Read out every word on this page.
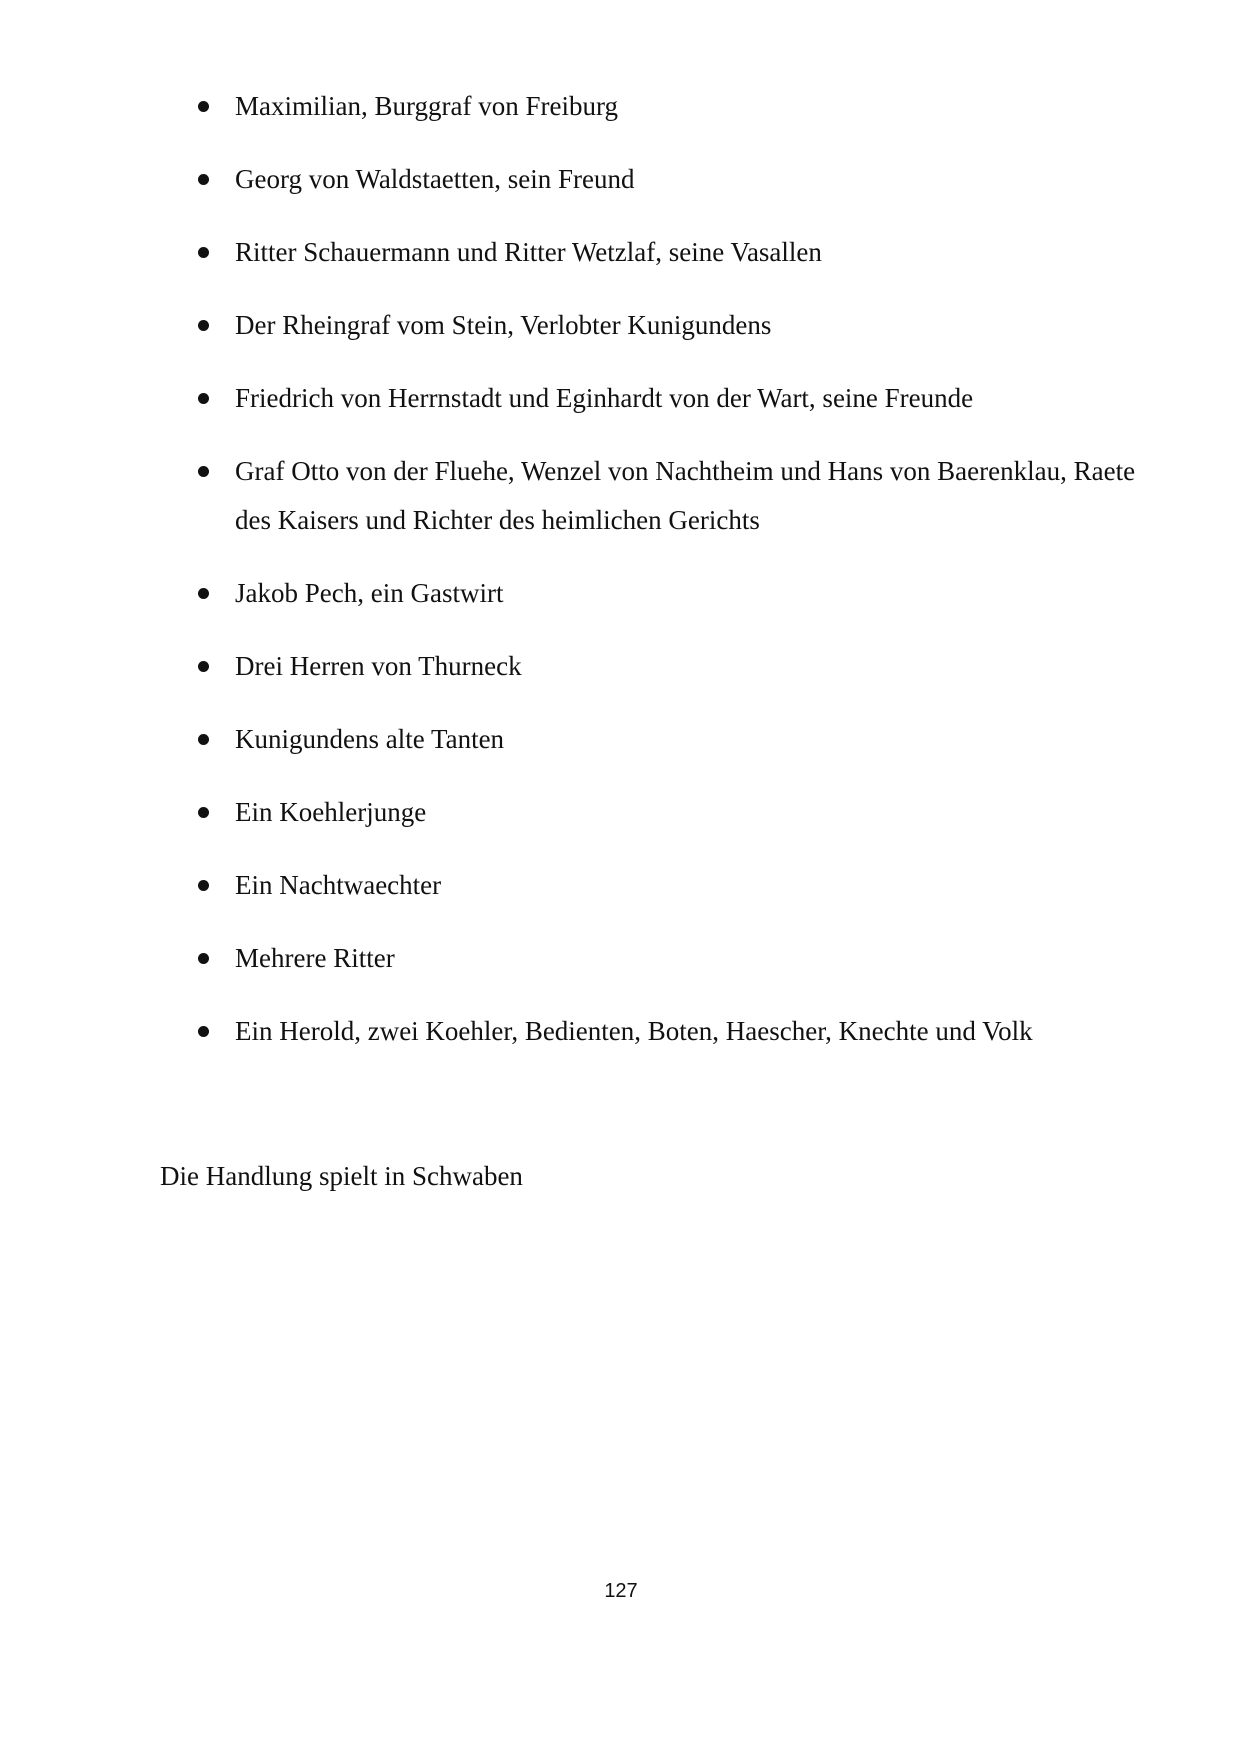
Maximilian, Burggraf von Freiburg
Georg von Waldstaetten, sein Freund
Ritter Schauermann und Ritter Wetzlaf, seine Vasallen
Der Rheingraf vom Stein, Verlobter Kunigundens
Friedrich von Herrnstadt und Eginhardt von der Wart, seine Freunde
Graf Otto von der Fluehe, Wenzel von Nachtheim und Hans von Baerenklau, Raete des Kaisers und Richter des heimlichen Gerichts
Jakob Pech, ein Gastwirt
Drei Herren von Thurneck
Kunigundens alte Tanten
Ein Koehlerjunge
Ein Nachtwaechter
Mehrere Ritter
Ein Herold, zwei Koehler, Bedienten, Boten, Haescher, Knechte und Volk
Die Handlung spielt in Schwaben
127
